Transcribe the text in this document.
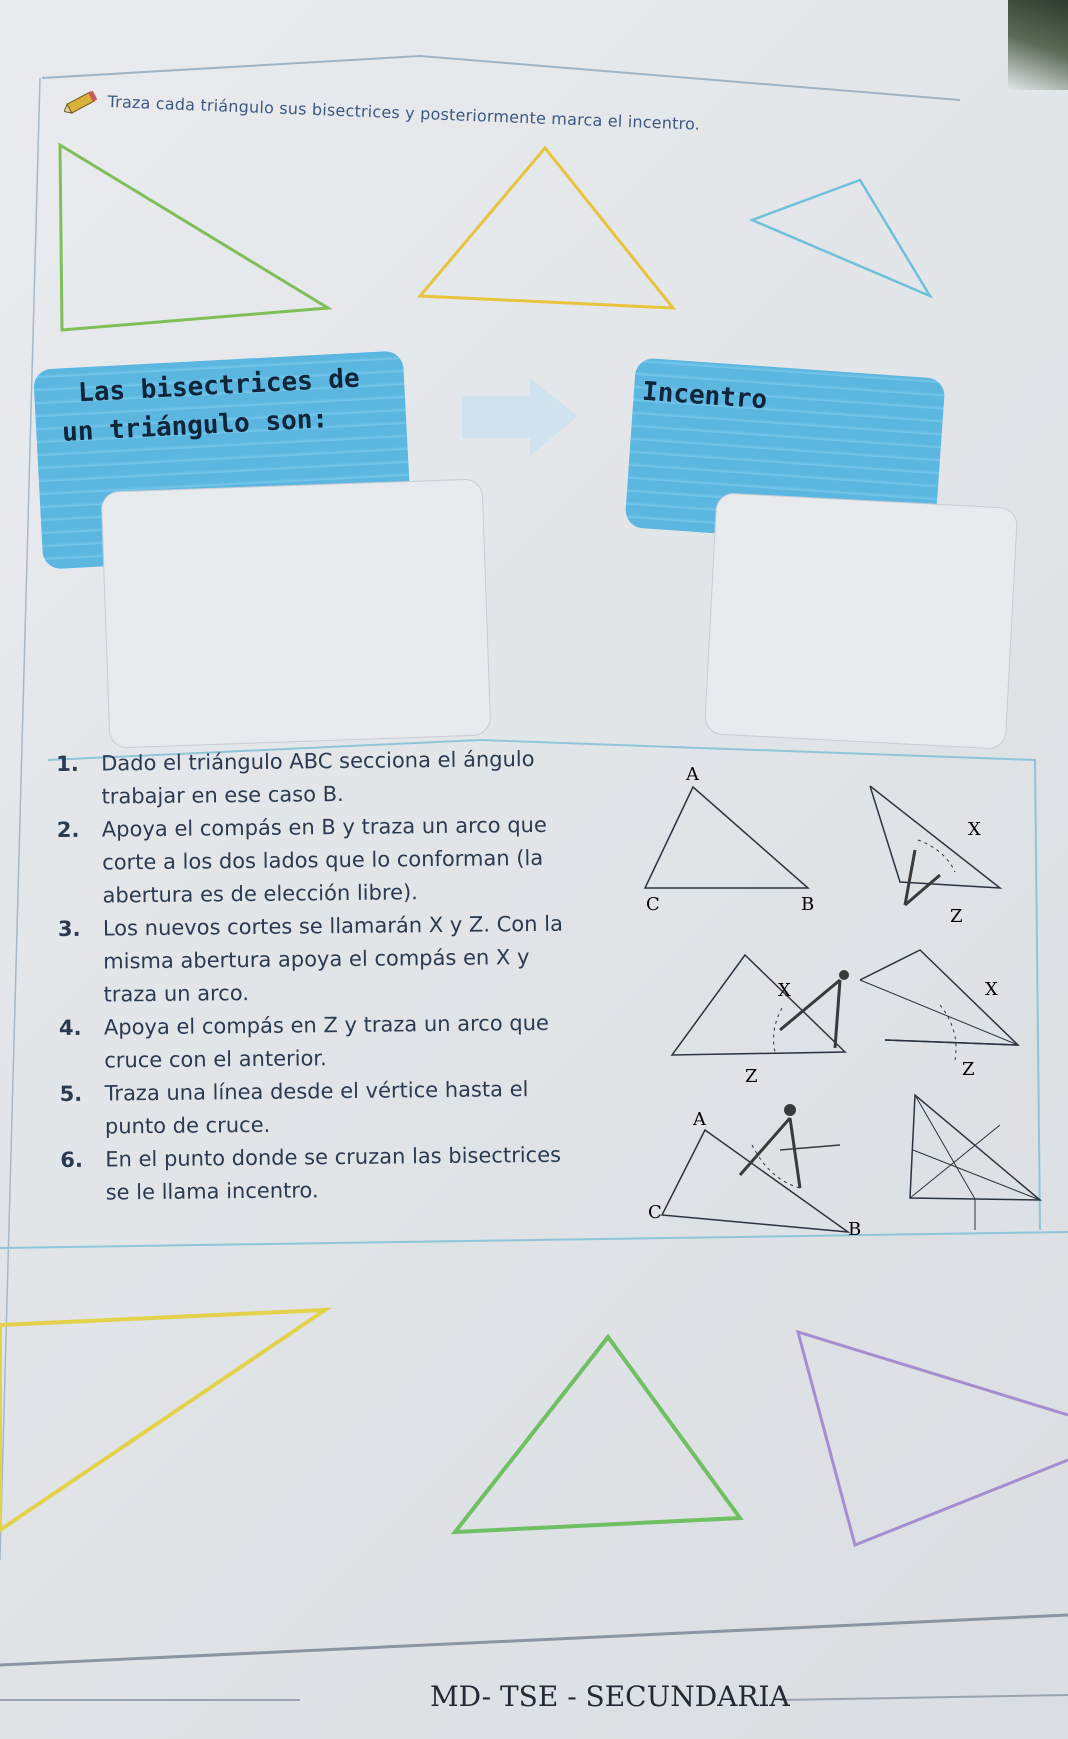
Traza cada triángulo sus bisectrices y posteriormente marca el incentro.
Las bisectrices de
un triángulo son:
Incentro
1. Dado el triángulo ABC secciona el ángulo trabajar en ese caso B.
2. Apoya el compás en B y traza un arco que corte a los dos lados que lo conforman (la abertura es de elección libre).
3. Los nuevos cortes se llamarán X y Z. Con la misma abertura apoya el compás en X y traza un arco.
4. Apoya el compás en Z y traza un arco que cruce con el anterior.
5. Traza una línea desde el vértice hasta el punto de cruce.
6. En el punto donde se cruzan las bisectrices se le llama incentro.
A
C	B
X
Z
X
Z
X
Z
A
C
B
MD- TSE - SECUNDARIA
